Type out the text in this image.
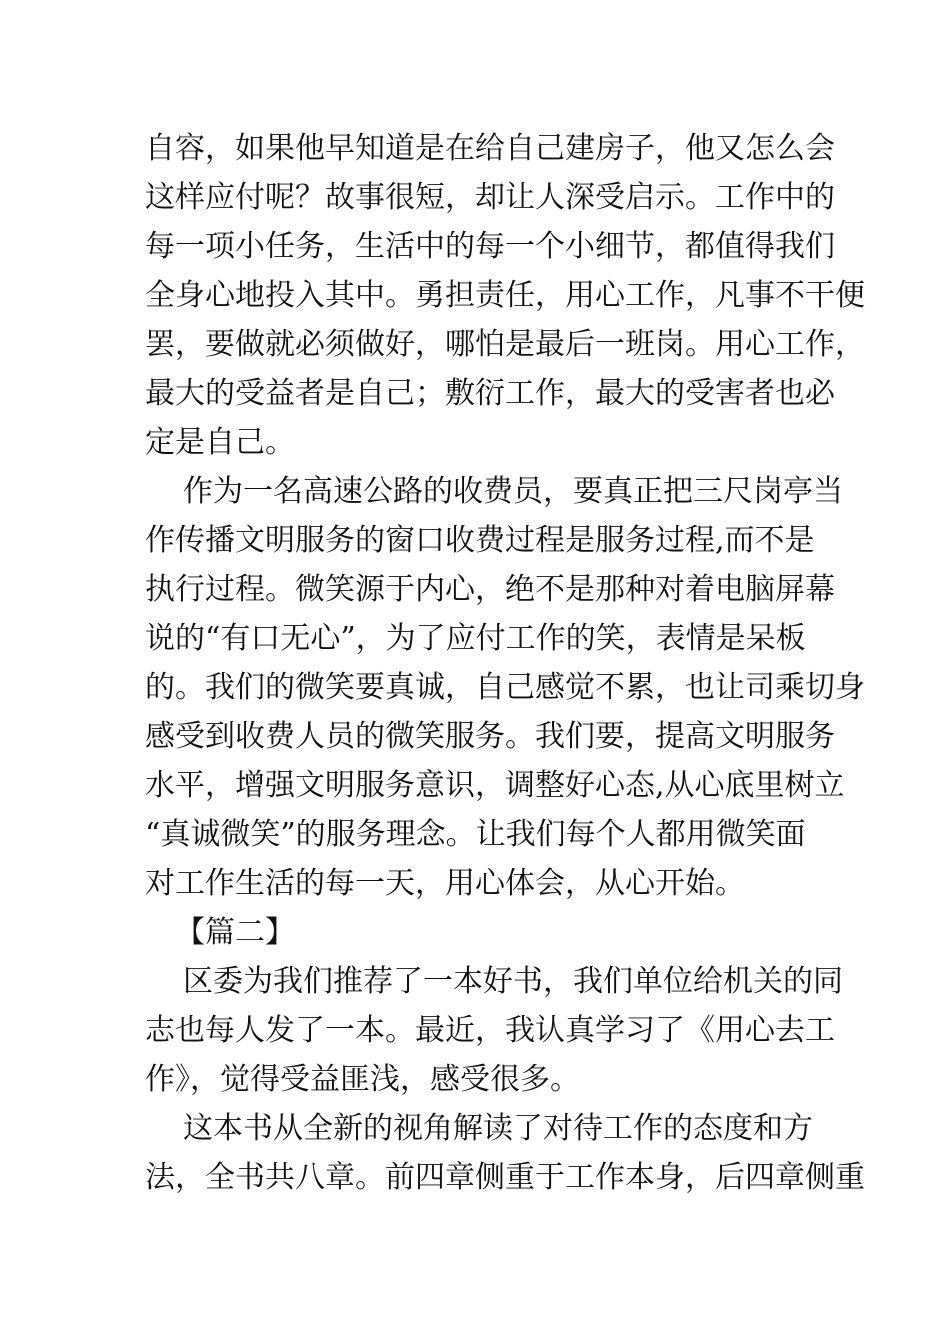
自容，如果他早知道是在给自己建房子，他又怎么会
这样应付呢？故事很短，却让人深受启示。工作中的
每一项小任务，生活中的每一个小细节，都值得我们
全身心地投入其中。勇担责任，用心工作，凡事不干便
罢，要做就必须做好，哪怕是最后一班岗。用心工作，
最大的受益者是自己；敷衍工作，最大的受害者也必
定是自己。
作为一名高速公路的收费员，要真正把三尺岗亭当
作传播文明服务的窗口收费过程是服务过程,而不是
执行过程。微笑源于内心，绝不是那种对着电脑屏幕
说的“有口无心”，为了应付工作的笑，表情是呆板
的。我们的微笑要真诚，自己感觉不累，也让司乘切身
感受到收费人员的微笑服务。我们要，提高文明服务
水平，增强文明服务意识，调整好心态,从心底里树立
“真诚微笑”的服务理念。让我们每个人都用微笑面
对工作生活的每一天，用心体会，从心开始。
【篇二】
区委为我们推荐了一本好书，我们单位给机关的同
志也每人发了一本。最近，我认真学习了《用心去工
作》，觉得受益匪浅，感受很多。
这本书从全新的视角解读了对待工作的态度和方
法，全书共八章。前四章侧重于工作本身，后四章侧重
